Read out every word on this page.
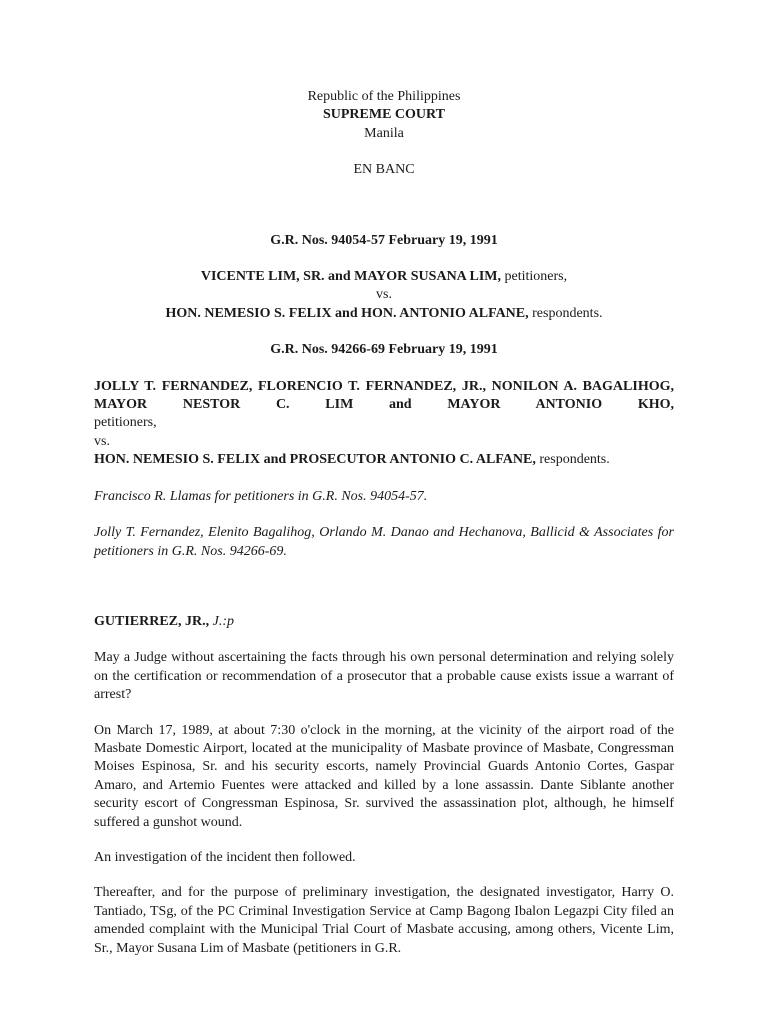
Republic of the Philippines

SUPREME COURT

Manila

EN BANC

G.R. Nos. 94054-57 February 19, 1991

VICENTE LIM, SR. and MAYOR SUSANA LIM, petitioners,

vs.

HON. NEMESIO S. FELIX and HON. ANTONIO ALFANE, respondents.

G.R. Nos. 94266-69 February 19, 1991

JOLLY T. FERNANDEZ, FLORENCIO T. FERNANDEZ, JR., NONILON A. BAGALIHOG,

MAYOR NESTOR C. LIM and MAYOR ANTONIO KHO, petitioners,

vs.

HON. NEMESIO S. FELIX and PROSECUTOR ANTONIO C. ALFANE, respondents.

Francisco R. Llamas for petitioners in G.R. Nos. 94054-57.

Jolly T. Fernandez, Elenito Bagalihog, Orlando M. Danao and Hechanova, Ballicid & Associates for petitioners in G.R. Nos. 94266-69.

GUTIERREZ, JR., J.:p

May a Judge without ascertaining the facts through his own personal determination and relying solely on the certification or recommendation of a prosecutor that a probable cause exists issue a warrant of arrest?

On March 17, 1989, at about 7:30 o'clock in the morning, at the vicinity of the airport road of the Masbate Domestic Airport, located at the municipality of Masbate province of Masbate, Congressman Moises Espinosa, Sr. and his security escorts, namely Provincial Guards Antonio Cortes, Gaspar Amaro, and Artemio Fuentes were attacked and killed by a lone assassin. Dante Siblante another security escort of Congressman Espinosa, Sr. survived the assassination plot, although, he himself suffered a gunshot wound.

An investigation of the incident then followed.

Thereafter, and for the purpose of preliminary investigation, the designated investigator, Harry O. Tantiado, TSg, of the PC Criminal Investigation Service at Camp Bagong Ibalon Legazpi City filed an amended complaint with the Municipal Trial Court of Masbate accusing, among others, Vicente Lim, Sr., Mayor Susana Lim of Masbate (petitioners in G.R.
